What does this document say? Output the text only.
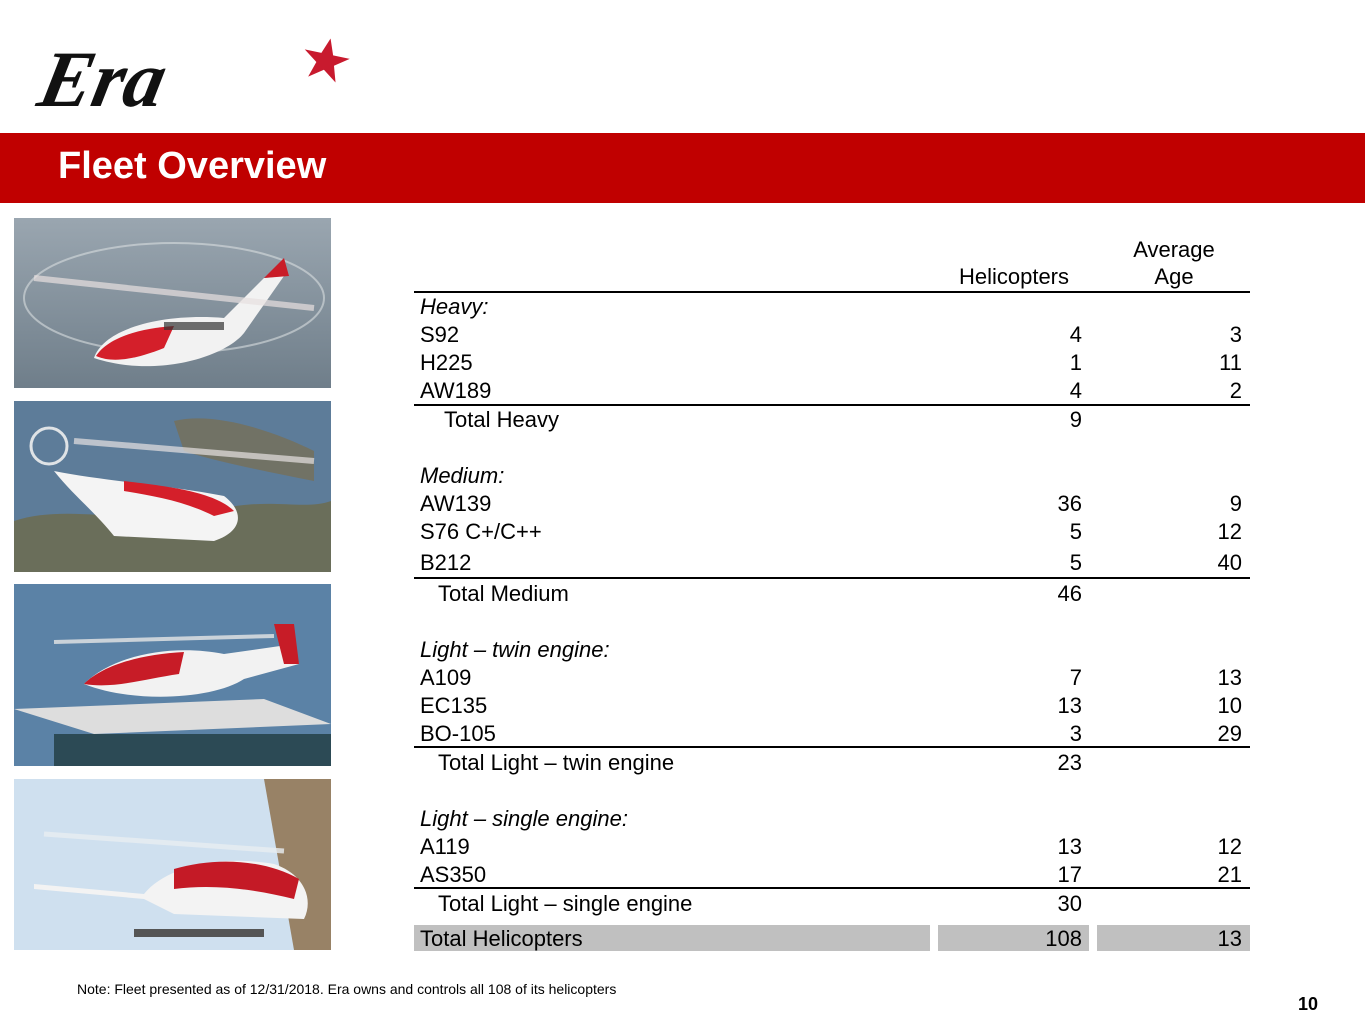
Era
Fleet Overview
Helicopters
Average
Age
Heavy:
S92	4	3
H225	1	11
AW189	4	2
Total Heavy	9
Medium:
AW139	36	9
S76 C+/C++	5	12
B212	5	40
Total Medium	46
Light – twin engine:
A109	7	13
EC135	13	10
BO-105	3	29
Total Light – twin engine	23
Light – single engine:
A119	13	12
AS350	17	21
Total Light – single engine	30
Total Helicopters	108	13
Note: Fleet presented as of 12/31/2018. Era owns and controls all 108 of its helicopters
10
